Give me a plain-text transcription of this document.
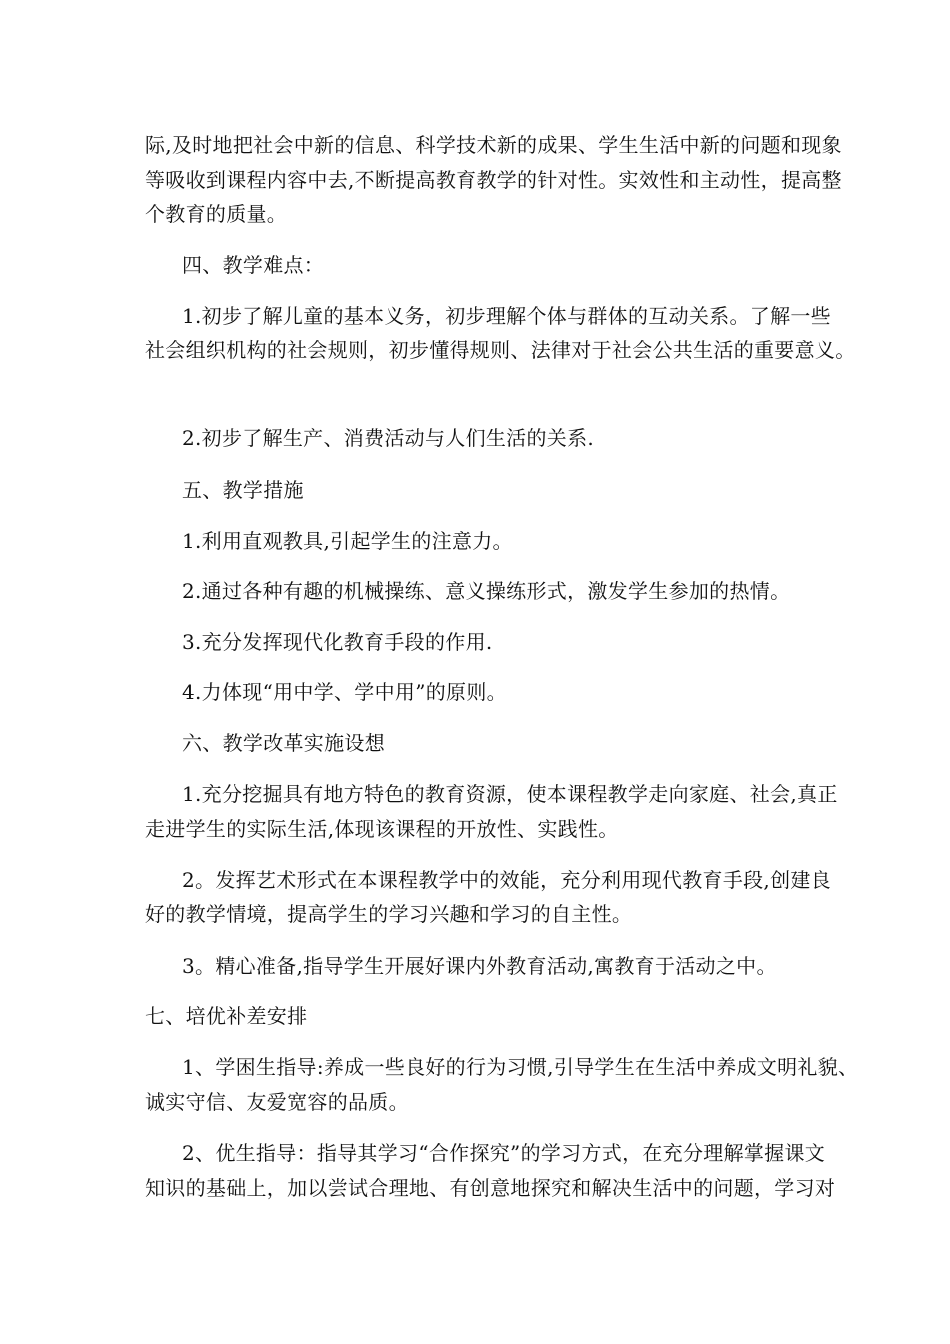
际,及时地把社会中新的信息、科学技术新的成果、学生生活中新的问题和现象
等吸收到课程内容中去,不断提高教育教学的针对性。实效性和主动性，提高整
个教育的质量。
四、教学难点：
1.初步了解儿童的基本义务，初步理解个体与群体的互动关系。了解一些
社会组织机构的社会规则，初步懂得规则、法律对于社会公共生活的重要意义。
2.初步了解生产、消费活动与人们生活的关系.
五、教学措施
1.利用直观教具,引起学生的注意力。
2.通过各种有趣的机械操练、意义操练形式，激发学生参加的热情。
3.充分发挥现代化教育手段的作用.
4.力体现“用中学、学中用”的原则。
六、教学改革实施设想
1.充分挖掘具有地方特色的教育资源，使本课程教学走向家庭、社会,真正
走进学生的实际生活,体现该课程的开放性、实践性。
2。发挥艺术形式在本课程教学中的效能，充分利用现代教育手段,创建良
好的教学情境，提高学生的学习兴趣和学习的自主性。
3。精心准备,指导学生开展好课内外教育活动,寓教育于活动之中。
七、培优补差安排
1、学困生指导:养成一些良好的行为习惯,引导学生在生活中养成文明礼貌、
诚实守信、友爱宽容的品质。
2、优生指导：指导其学习“合作探究”的学习方式，在充分理解掌握课文
知识的基础上，加以尝试合理地、有创意地探究和解决生活中的问题，学习对
